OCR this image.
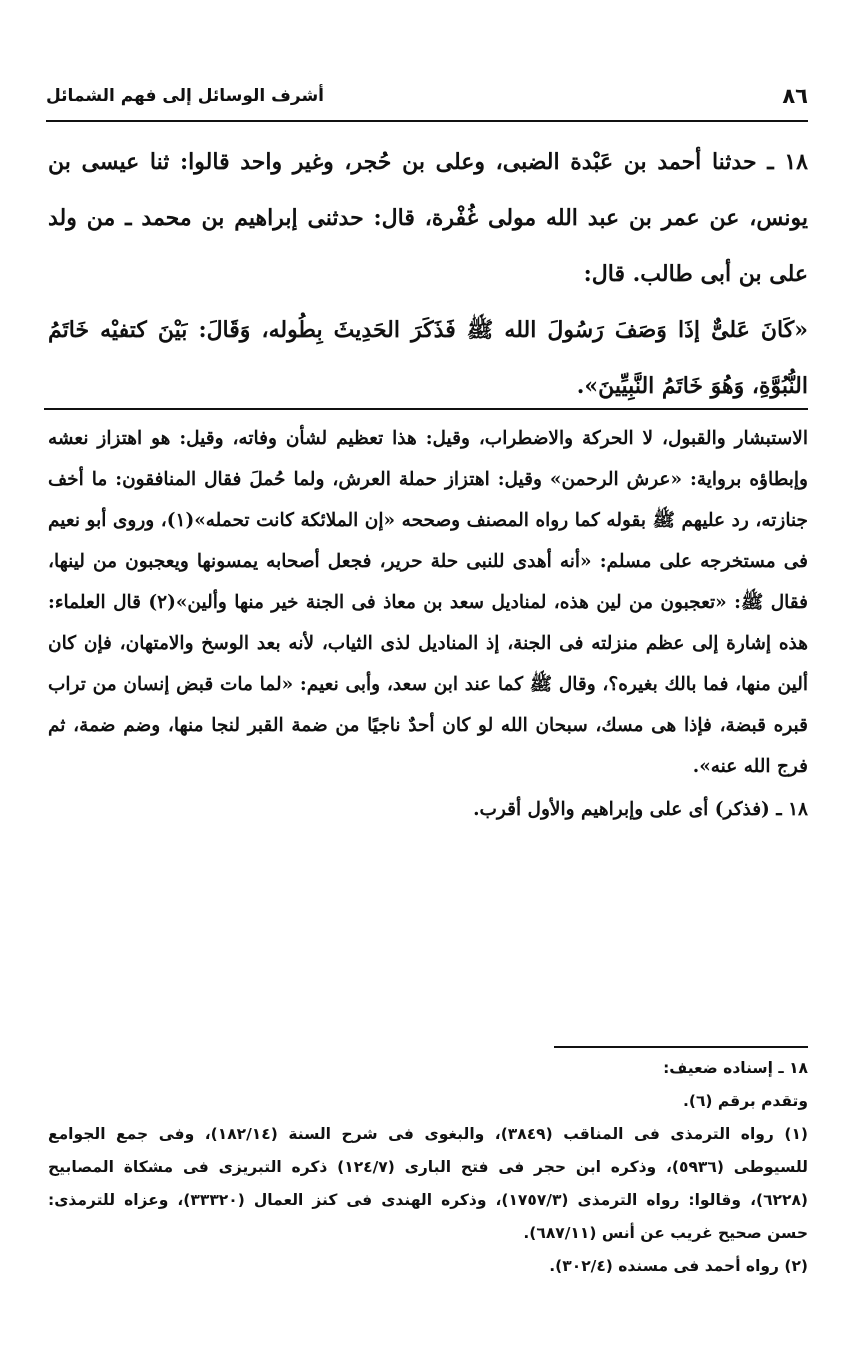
٨٦
أشرف الوسائل إلى فهم الشمائل

١٨ ـ حدثنا أحمد بن عَبْدة الضبى، وعلى بن حُجر، وغير واحد قالوا: ثنا عيسى بن يونس، عن عمر بن عبد الله مولى غُفْرة، قال: حدثنى إبراهيم بن محمد ـ من ولد على بن أبى طالب. قال:

«كَانَ عَلىٌّ إذَا وَصَفَ رَسُولَ الله ﷺ فَذَكَرَ الحَدِيثَ بِطُوله، وَقَالَ: بَيْنَ كتفيْه خَاتَمُ النُّبُوَّةِ، وَهُوَ خَاتَمُ النَّبِيِّينَ».

الاستبشار والقبول، لا الحركة والاضطراب، وقيل: هذا تعظيم لشأن وفاته، وقيل: هو اهتزاز نعشه وإبطاؤه برواية: «عرش الرحمن» وقيل: اهتزاز حملة العرش، ولما حُملَ فقال المنافقون: ما أخف جنازته، رد عليهم ﷺ بقوله كما رواه المصنف وصححه «إن الملائكة كانت تحمله»(١)، وروى أبو نعيم فى مستخرجه على مسلم: «أنه أهدى للنبى حلة حرير، فجعل أصحابه يمسونها ويعجبون من لينها، فقال ﷺ: «تعجبون من لين هذه، لمناديل سعد بن معاذ فى الجنة خير منها وألين»(٢) قال العلماء: هذه إشارة إلى عظم منزلته فى الجنة، إذ المناديل لذى الثياب، لأنه بعد الوسخ والامتهان، فإن كان ألين منها، فما بالك بغيره؟، وقال ﷺ كما عند ابن سعد، وأبى نعيم: «لما مات قبض إنسان من تراب قبره قبضة، فإذا هى مسك، سبحان الله لو كان أحدٌ ناجيًا من ضمة القبر لنجا منها، وضم ضمة، ثم فرج الله عنه».

١٨ ـ (فذكر) أى على وإبراهيم والأول أقرب.

١٨ ـ إسناده ضعيف:

وتقدم برقم (٦).

(١) رواه الترمذى فى المناقب (٣٨٤٩)، والبغوى فى شرح السنة (١٨٢/١٤)، وفى جمع الجوامع للسيوطى (٥٩٣٦)، وذكره ابن حجر فى فتح البارى (١٢٤/٧) ذكره التبريزى فى مشكاة المصابيح (٦٢٢٨)، وقالوا: رواه الترمذى (١٧٥٧/٣)، وذكره الهندى فى كنز العمال (٣٣٣٢٠)، وعزاه للترمذى: حسن صحيح غريب عن أنس (٦٨٧/١١).

(٢) رواه أحمد فى مسنده (٣٠٢/٤).
